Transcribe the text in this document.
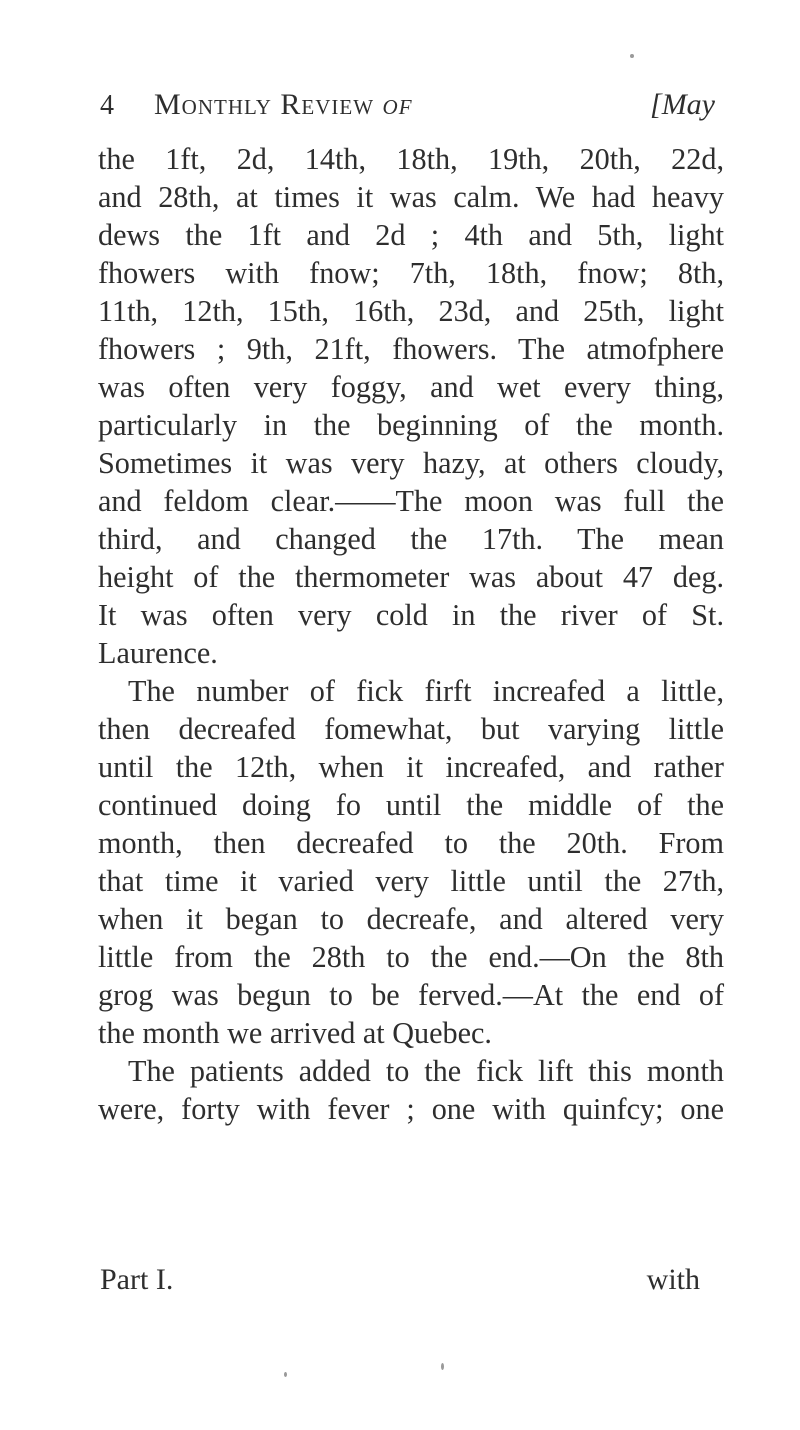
4 Monthly Review of	[May
the 1ft, 2d, 14th, 18th, 19th, 20th, 22d,
and 28th, at times it was calm. We had heavy
dews the 1ft and 2d ; 4th and 5th, light
fhowers with fnow; 7th, 18th, fnow; 8th,
11th, 12th, 15th, 16th, 23d, and 25th, light
fhowers ; 9th, 21ft, fhowers. The atmofphere
was often very foggy, and wet every thing,
particularly in the beginning of the month.
Sometimes it was very hazy, at others cloudy,
and feldom clear.——The moon was full the
third, and changed the 17th. The mean
height of the thermometer was about 47 deg.
It was often very cold in the river of St.
Laurence.
The number of fick firft increafed a little,
then decreafed fomewhat, but varying little
until the 12th, when it increafed, and rather
continued doing fo until the middle of the
month, then decreafed to the 20th. From
that time it varied very little until the 27th,
when it began to decreafe, and altered very
little from the 28th to the end.—On the 8th
grog was begun to be ferved.—At the end of
the month we arrived at Quebec.
The patients added to the fick lift this month
were, forty with fever ; one with quinfcy; one
Part I.	with
